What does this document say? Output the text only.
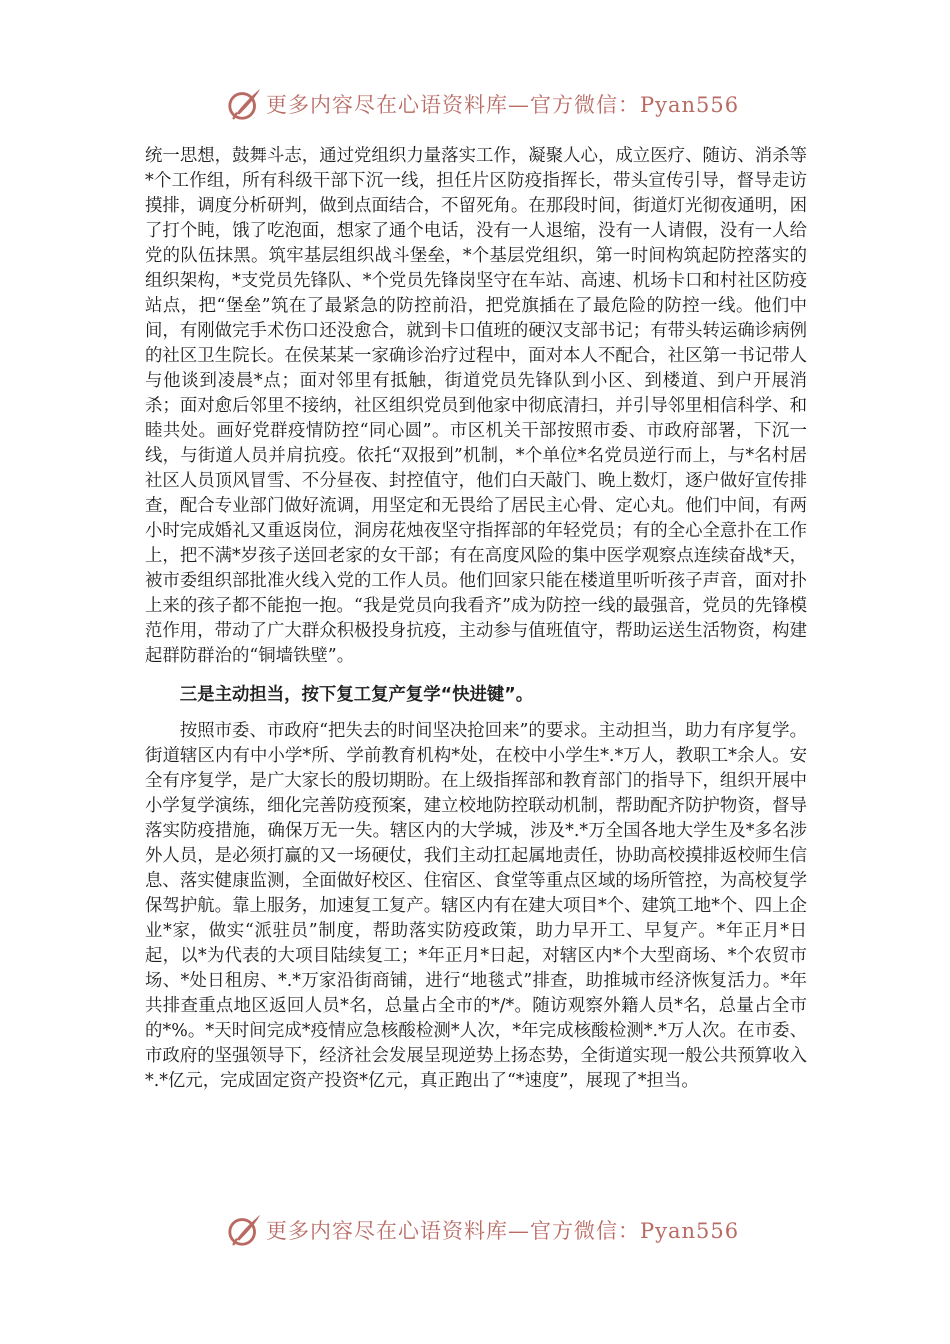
更多内容尽在心语资料库—官方微信：Pyan556

统一思想，鼓舞斗志，通过党组织力量落实工作，凝聚人心，成立医疗、随访、消杀等*个工作组，所有科级干部下沉一线，担任片区防疫指挥长，带头宣传引导，督导走访摸排，调度分析研判，做到点面结合，不留死角。在那段时间，街道灯光彻夜通明，困了打个盹，饿了吃泡面，想家了通个电话，没有一人退缩，没有一人请假，没有一人给党的队伍抹黑。筑牢基层组织战斗堡垒，*个基层党组织，第一时间构筑起防控落实的组织架构，*支党员先锋队、*个党员先锋岗坚守在车站、高速、机场卡口和村社区防疫站点，把“堡垒”筑在了最紧急的防控前沿，把党旗插在了最危险的防控一线。他们中间，有刚做完手术伤口还没愈合，就到卡口值班的硬汉支部书记；有带头转运确诊病例的社区卫生院长。在侯某某一家确诊治疗过程中，面对本人不配合，社区第一书记带人与他谈到凌晨*点；面对邻里有抵触，街道党员先锋队到小区、到楼道、到户开展消杀；面对愈后邻里不接纳，社区组织党员到他家中彻底清扫，并引导邻里相信科学、和睦共处。画好党群疫情防控“同心圆”。市区机关干部按照市委、市政府部署，下沉一线，与街道人员并肩抗疫。依托“双报到”机制，*个单位*名党员逆行而上，与*名村居社区人员顶风冒雪、不分昼夜、封控值守，他们白天敲门、晚上数灯，逐户做好宣传排查，配合专业部门做好流调，用坚定和无畏给了居民主心骨、定心丸。他们中间，有两小时完成婚礼又重返岗位，洞房花烛夜坚守指挥部的年轻党员；有的全心全意扑在工作上，把不满*岁孩子送回老家的女干部；有在高度风险的集中医学观察点连续奋战*天，被市委组织部批准火线入党的工作人员。他们回家只能在楼道里听听孩子声音，面对扑上来的孩子都不能抱一抱。“我是党员向我看齐”成为防控一线的最强音，党员的先锋模范作用，带动了广大群众积极投身抗疫，主动参与值班值守，帮助运送生活物资，构建起群防群治的“铜墙铁壁”。

三是主动担当，按下复工复产复学“快进键”。

按照市委、市政府“把失去的时间坚决抢回来”的要求。主动担当，助力有序复学。街道辖区内有中小学*所、学前教育机构*处，在校中小学生*.*万人，教职工*余人。安全有序复学，是广大家长的殷切期盼。在上级指挥部和教育部门的指导下，组织开展中小学复学演练，细化完善防疫预案，建立校地防控联动机制，帮助配齐防护物资，督导落实防疫措施，确保万无一失。辖区内的大学城，涉及*.*万全国各地大学生及*多名涉外人员，是必须打赢的又一场硬仗，我们主动扛起属地责任，协助高校摸排返校师生信息、落实健康监测，全面做好校区、住宿区、食堂等重点区域的场所管控，为高校复学保驾护航。靠上服务，加速复工复产。辖区内有在建大项目*个、建筑工地*个、四上企业*家，做实“派驻员”制度，帮助落实防疫政策，助力早开工、早复产。*年正月*日起，以*为代表的大项目陆续复工；*年正月*日起，对辖区内*个大型商场、*个农贸市场、*处日租房、*.*万家沿街商铺，进行“地毯式”排查，助推城市经济恢复活力。*年共排查重点地区返回人员*名，总量占全市的*/*。随访观察外籍人员*名，总量占全市的*%。*天时间完成*疫情应急核酸检测*人次，*年完成核酸检测*.*万人次。在市委、市政府的坚强领导下，经济社会发展呈现逆势上扬态势，全街道实现一般公共预算收入*.*亿元，完成固定资产投资*亿元，真正跑出了“*速度”，展现了*担当。

更多内容尽在心语资料库—官方微信：Pyan556
